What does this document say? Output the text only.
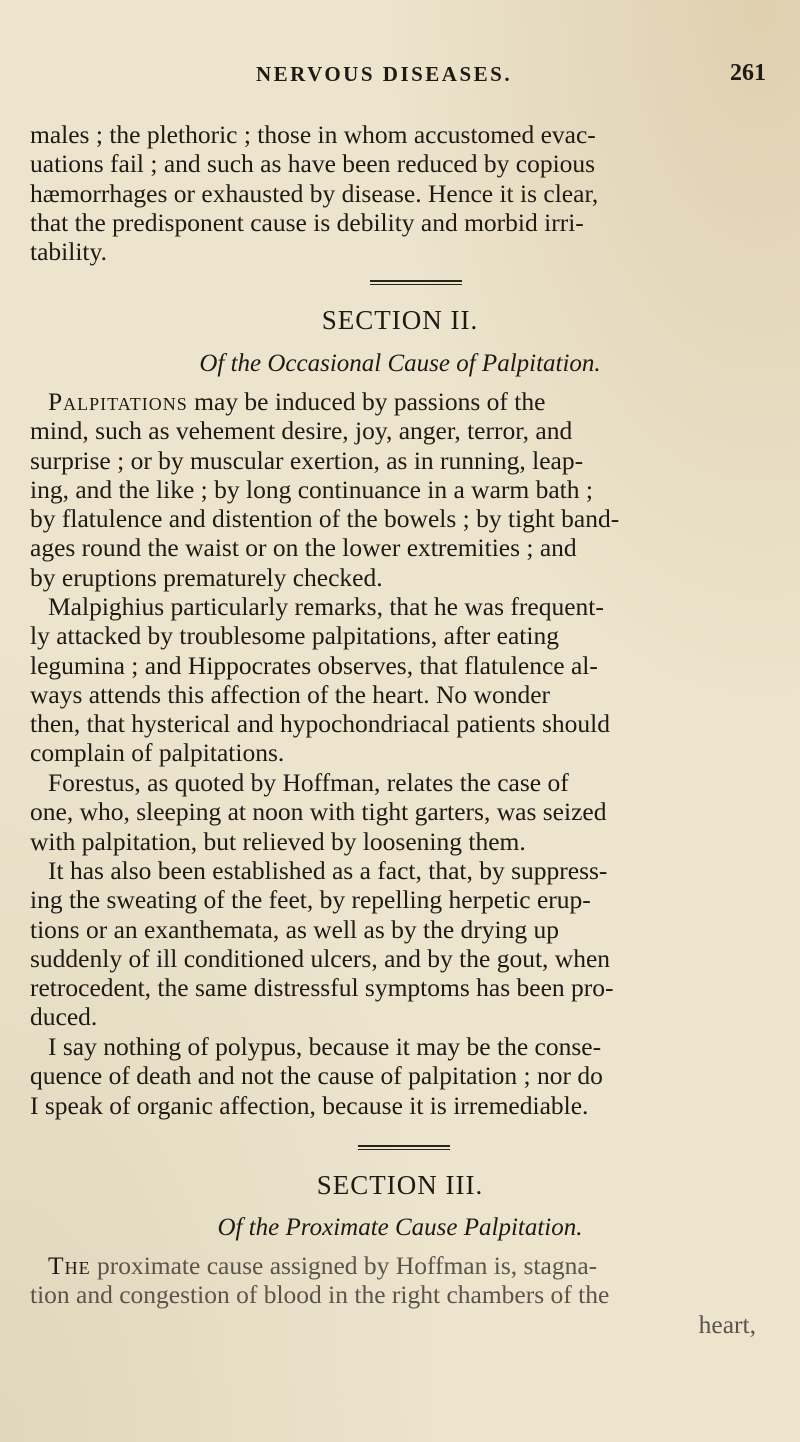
NERVOUS DISEASES.	261

males ; the plethoric ; those in whom accustomed evac-
uations fail ; and such as have been reduced by copious
hæmorrhages or exhausted by disease. Hence it is clear,
that the predisponent cause is debility and morbid irri-
tability.

SECTION II.
Of the Occasional Cause of Palpitation.

Palpitations may be induced by passions of the
mind, such as vehement desire, joy, anger, terror, and
surprise ; or by muscular exertion, as in running, leap-
ing, and the like ; by long continuance in a warm bath ;
by flatulence and distention of the bowels ; by tight band-
ages round the waist or on the lower extremities ; and
by eruptions prematurely checked.

Malpighius particularly remarks, that he was frequent-
ly attacked by troublesome palpitations, after eating
legumina ; and Hippocrates observes, that flatulence al-
ways attends this affection of the heart. No wonder
then, that hysterical and hypochondriacal patients should
complain of palpitations.

Forestus, as quoted by Hoffman, relates the case of
one, who, sleeping at noon with tight garters, was seized
with palpitation, but relieved by loosening them.

It has also been established as a fact, that, by suppress-
ing the sweating of the feet, by repelling herpetic erup-
tions or an exanthemata, as well as by the drying up
suddenly of ill conditioned ulcers, and by the gout, when
retrocedent, the same distressful symptoms has been pro-
duced.

I say nothing of polypus, because it may be the conse-
quence of death and not the cause of palpitation ; nor do
I speak of organic affection, because it is irremediable.

SECTION III.
Of the Proximate Cause Palpitation.

The proximate cause assigned by Hoffman is, stagna-
tion and congestion of blood in the right chambers of the
heart,
